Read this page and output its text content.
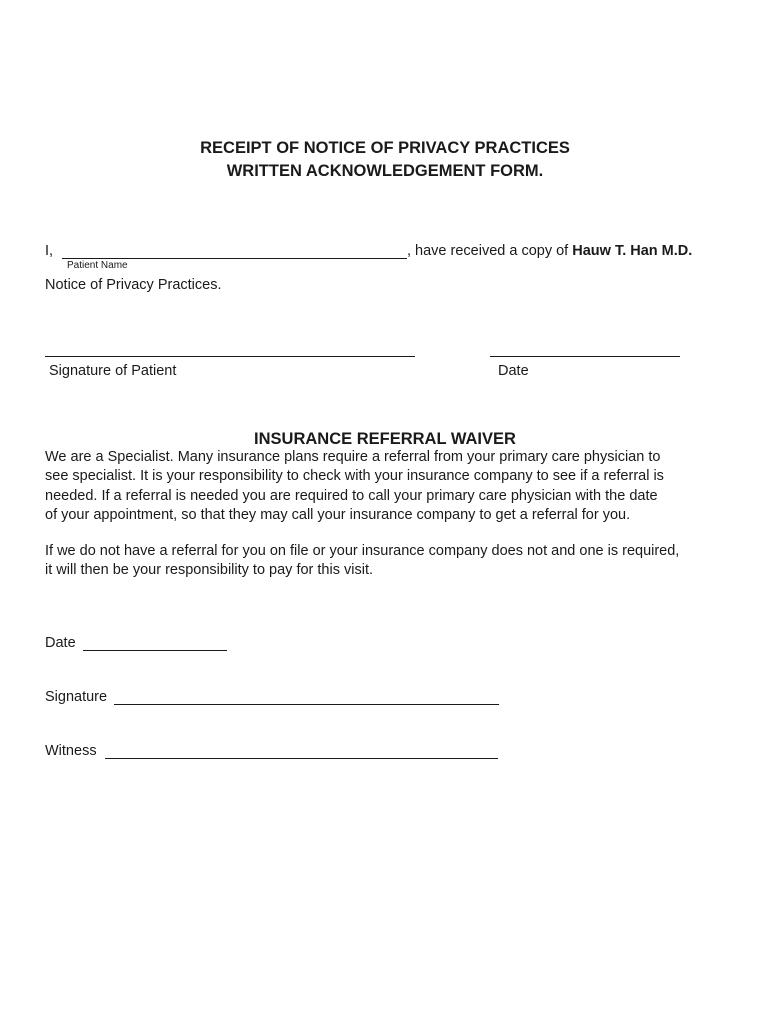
RECEIPT OF NOTICE OF PRIVACY PRACTICES
WRITTEN ACKNOWLEDGEMENT FORM.
I,	, have received a copy of Hauw T. Han M.D.
Patient Name
Notice of Privacy Practices.
Signature of Patient	Date
INSURANCE REFERRAL WAIVER
We are a Specialist. Many insurance plans require a referral from your primary care physician to
see specialist. It is your responsibility to check with your insurance company to see if a referral is
needed. If a referral is needed you are required to call your primary care physician with the date
of your appointment, so that they may call your insurance company to get a referral for you.
If we do not have a referral for you on file or your insurance company does not and one is required,
it will then be your responsibility to pay for this visit.
Date
Signature
Witness
